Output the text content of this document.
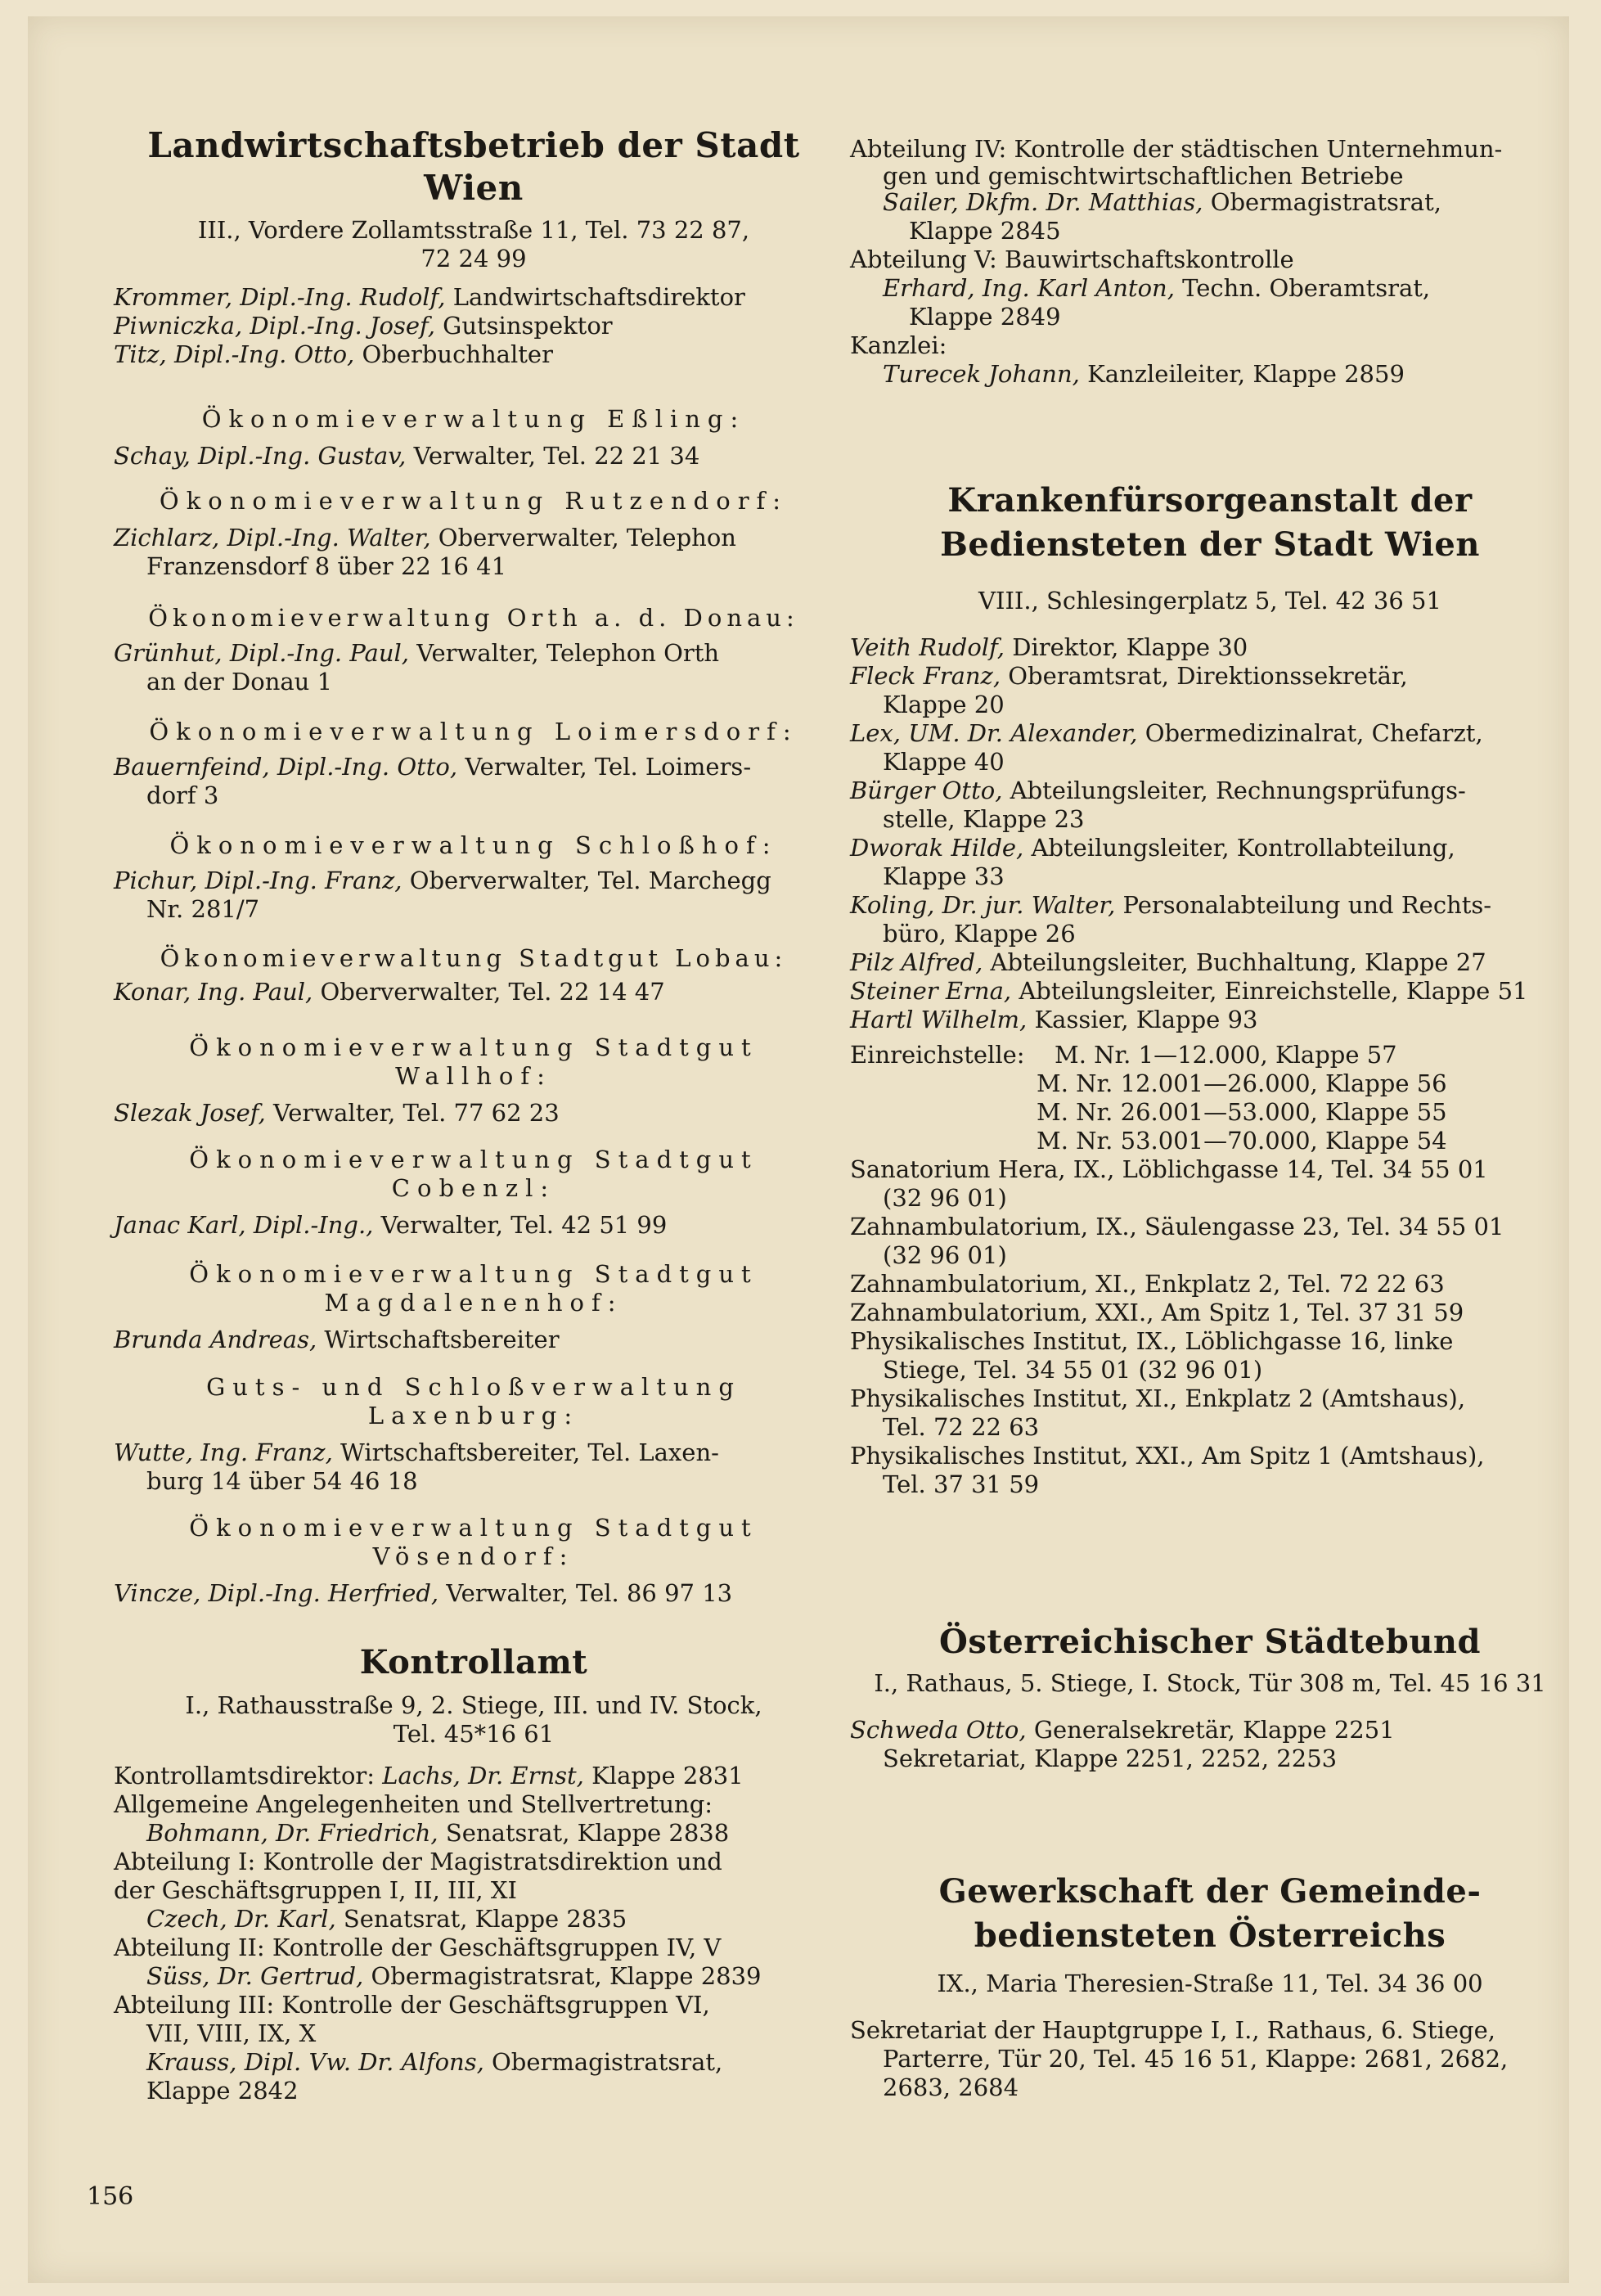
Landwirtschaftsbetrieb der Stadt
Wien

III., Vordere Zollamtsstraße 11, Tel. 73 22 87,

72 24 99

Krommer, Dipl.-Ing. Rudolf, Landwirtschaftsdirektor

Piwniczka, Dipl.-Ing. Josef, Gutsinspektor

Titz, Dipl.-Ing. Otto, Oberbuchhalter

Ökonomieverwaltung Eßling:

Schay, Dipl.-Ing. Gustav, Verwalter, Tel. 22 21 34

Ökonomieverwaltung Rutzendorf:

Zichlarz, Dipl.-Ing. Walter, Oberverwalter, Telephon

Franzensdorf 8 über 22 16 41

Ökonomieverwaltung Orth a. d. Donau:

Grünhut, Dipl.-Ing. Paul, Verwalter, Telephon Orth

an der Donau 1

Ökonomieverwaltung Loimersdorf:

Bauernfeind, Dipl.-Ing. Otto, Verwalter, Tel. Loimers-

dorf 3

Ökonomieverwaltung Schloßhof:

Pichur, Dipl.-Ing. Franz, Oberverwalter, Tel. Marchegg

Nr. 281/7

Ökonomieverwaltung Stadtgut Lobau:

Konar, Ing. Paul, Oberverwalter, Tel. 22 14 47

Ökonomieverwaltung Stadtgut

Wallhof:

Slezak Josef, Verwalter, Tel. 77 62 23

Ökonomieverwaltung Stadtgut

Cobenzl:

Janac Karl, Dipl.-Ing., Verwalter, Tel. 42 51 99

Ökonomieverwaltung Stadtgut

Magdalenenhof:

Brunda Andreas, Wirtschaftsbereiter

Guts- und Schloßverwaltung

Laxenburg:

Wutte, Ing. Franz, Wirtschaftsbereiter, Tel. Laxen-

burg 14 über 54 46 18

Ökonomieverwaltung Stadtgut

Vösendorf:

Vincze, Dipl.-Ing. Herfried, Verwalter, Tel. 86 97 13

Kontrollamt

I., Rathausstraße 9, 2. Stiege, III. und IV. Stock,

Tel. 45*16 61

Kontrollamtsdirektor: Lachs, Dr. Ernst, Klappe 2831

Allgemeine Angelegenheiten und Stellvertretung:

Bohmann, Dr. Friedrich, Senatsrat, Klappe 2838

Abteilung I: Kontrolle der Magistratsdirektion und

der Geschäftsgruppen I, II, III, XI

Czech, Dr. Karl, Senatsrat, Klappe 2835

Abteilung II: Kontrolle der Geschäftsgruppen IV, V

Süss, Dr. Gertrud, Obermagistratsrat, Klappe 2839

Abteilung III: Kontrolle der Geschäftsgruppen VI,

VII, VIII, IX, X

Krauss, Dipl. Vw. Dr. Alfons, Obermagistratsrat,

Klappe 2842

Abteilung IV: Kontrolle der städtischen Unternehmun-

gen und gemischtwirtschaftlichen Betriebe

Sailer, Dkfm. Dr. Matthias, Obermagistratsrat,

Klappe 2845

Abteilung V: Bauwirtschaftskontrolle

Erhard, Ing. Karl Anton, Techn. Oberamtsrat,

Klappe 2849

Kanzlei:

Turecek Johann, Kanzleileiter, Klappe 2859

Krankenfürsorgeanstalt der
Bediensteten der Stadt Wien

VIII., Schlesingerplatz 5, Tel. 42 36 51

Veith Rudolf, Direktor, Klappe 30

Fleck Franz, Oberamtsrat, Direktionssekretär,

Klappe 20

Lex, UM. Dr. Alexander, Obermedizinalrat, Chefarzt,

Klappe 40

Bürger Otto, Abteilungsleiter, Rechnungsprüfungs-

stelle, Klappe 23

Dworak Hilde, Abteilungsleiter, Kontrollabteilung,

Klappe 33

Koling, Dr. jur. Walter, Personalabteilung und Rechts-

büro, Klappe 26

Pilz Alfred, Abteilungsleiter, Buchhaltung, Klappe 27

Steiner Erna, Abteilungsleiter, Einreichstelle, Klappe 51

Hartl Wilhelm, Kassier, Klappe 93

Einreichstelle:	M. Nr. 1—12.000, Klappe 57

M. Nr. 12.001—26.000, Klappe 56

M. Nr. 26.001—53.000, Klappe 55

M. Nr. 53.001—70.000, Klappe 54

Sanatorium Hera, IX., Löblichgasse 14, Tel. 34 55 01

(32 96 01)

Zahnambulatorium, IX., Säulengasse 23, Tel. 34 55 01

(32 96 01)

Zahnambulatorium, XI., Enkplatz 2, Tel. 72 22 63

Zahnambulatorium, XXI., Am Spitz 1, Tel. 37 31 59

Physikalisches Institut, IX., Löblichgasse 16, linke

Stiege, Tel. 34 55 01 (32 96 01)

Physikalisches Institut, XI., Enkplatz 2 (Amtshaus),

Tel. 72 22 63

Physikalisches Institut, XXI., Am Spitz 1 (Amtshaus),

Tel. 37 31 59

Österreichischer Städtebund

I., Rathaus, 5. Stiege, I. Stock, Tür 308 m, Tel. 45 16 31

Schweda Otto, Generalsekretär, Klappe 2251

Sekretariat, Klappe 2251, 2252, 2253

Gewerkschaft der Gemeinde-
bediensteten Österreichs

IX., Maria Theresien-Straße 11, Tel. 34 36 00

Sekretariat der Hauptgruppe I, I., Rathaus, 6. Stiege,

Parterre, Tür 20, Tel. 45 16 51, Klappe: 2681, 2682,

2683, 2684

156
